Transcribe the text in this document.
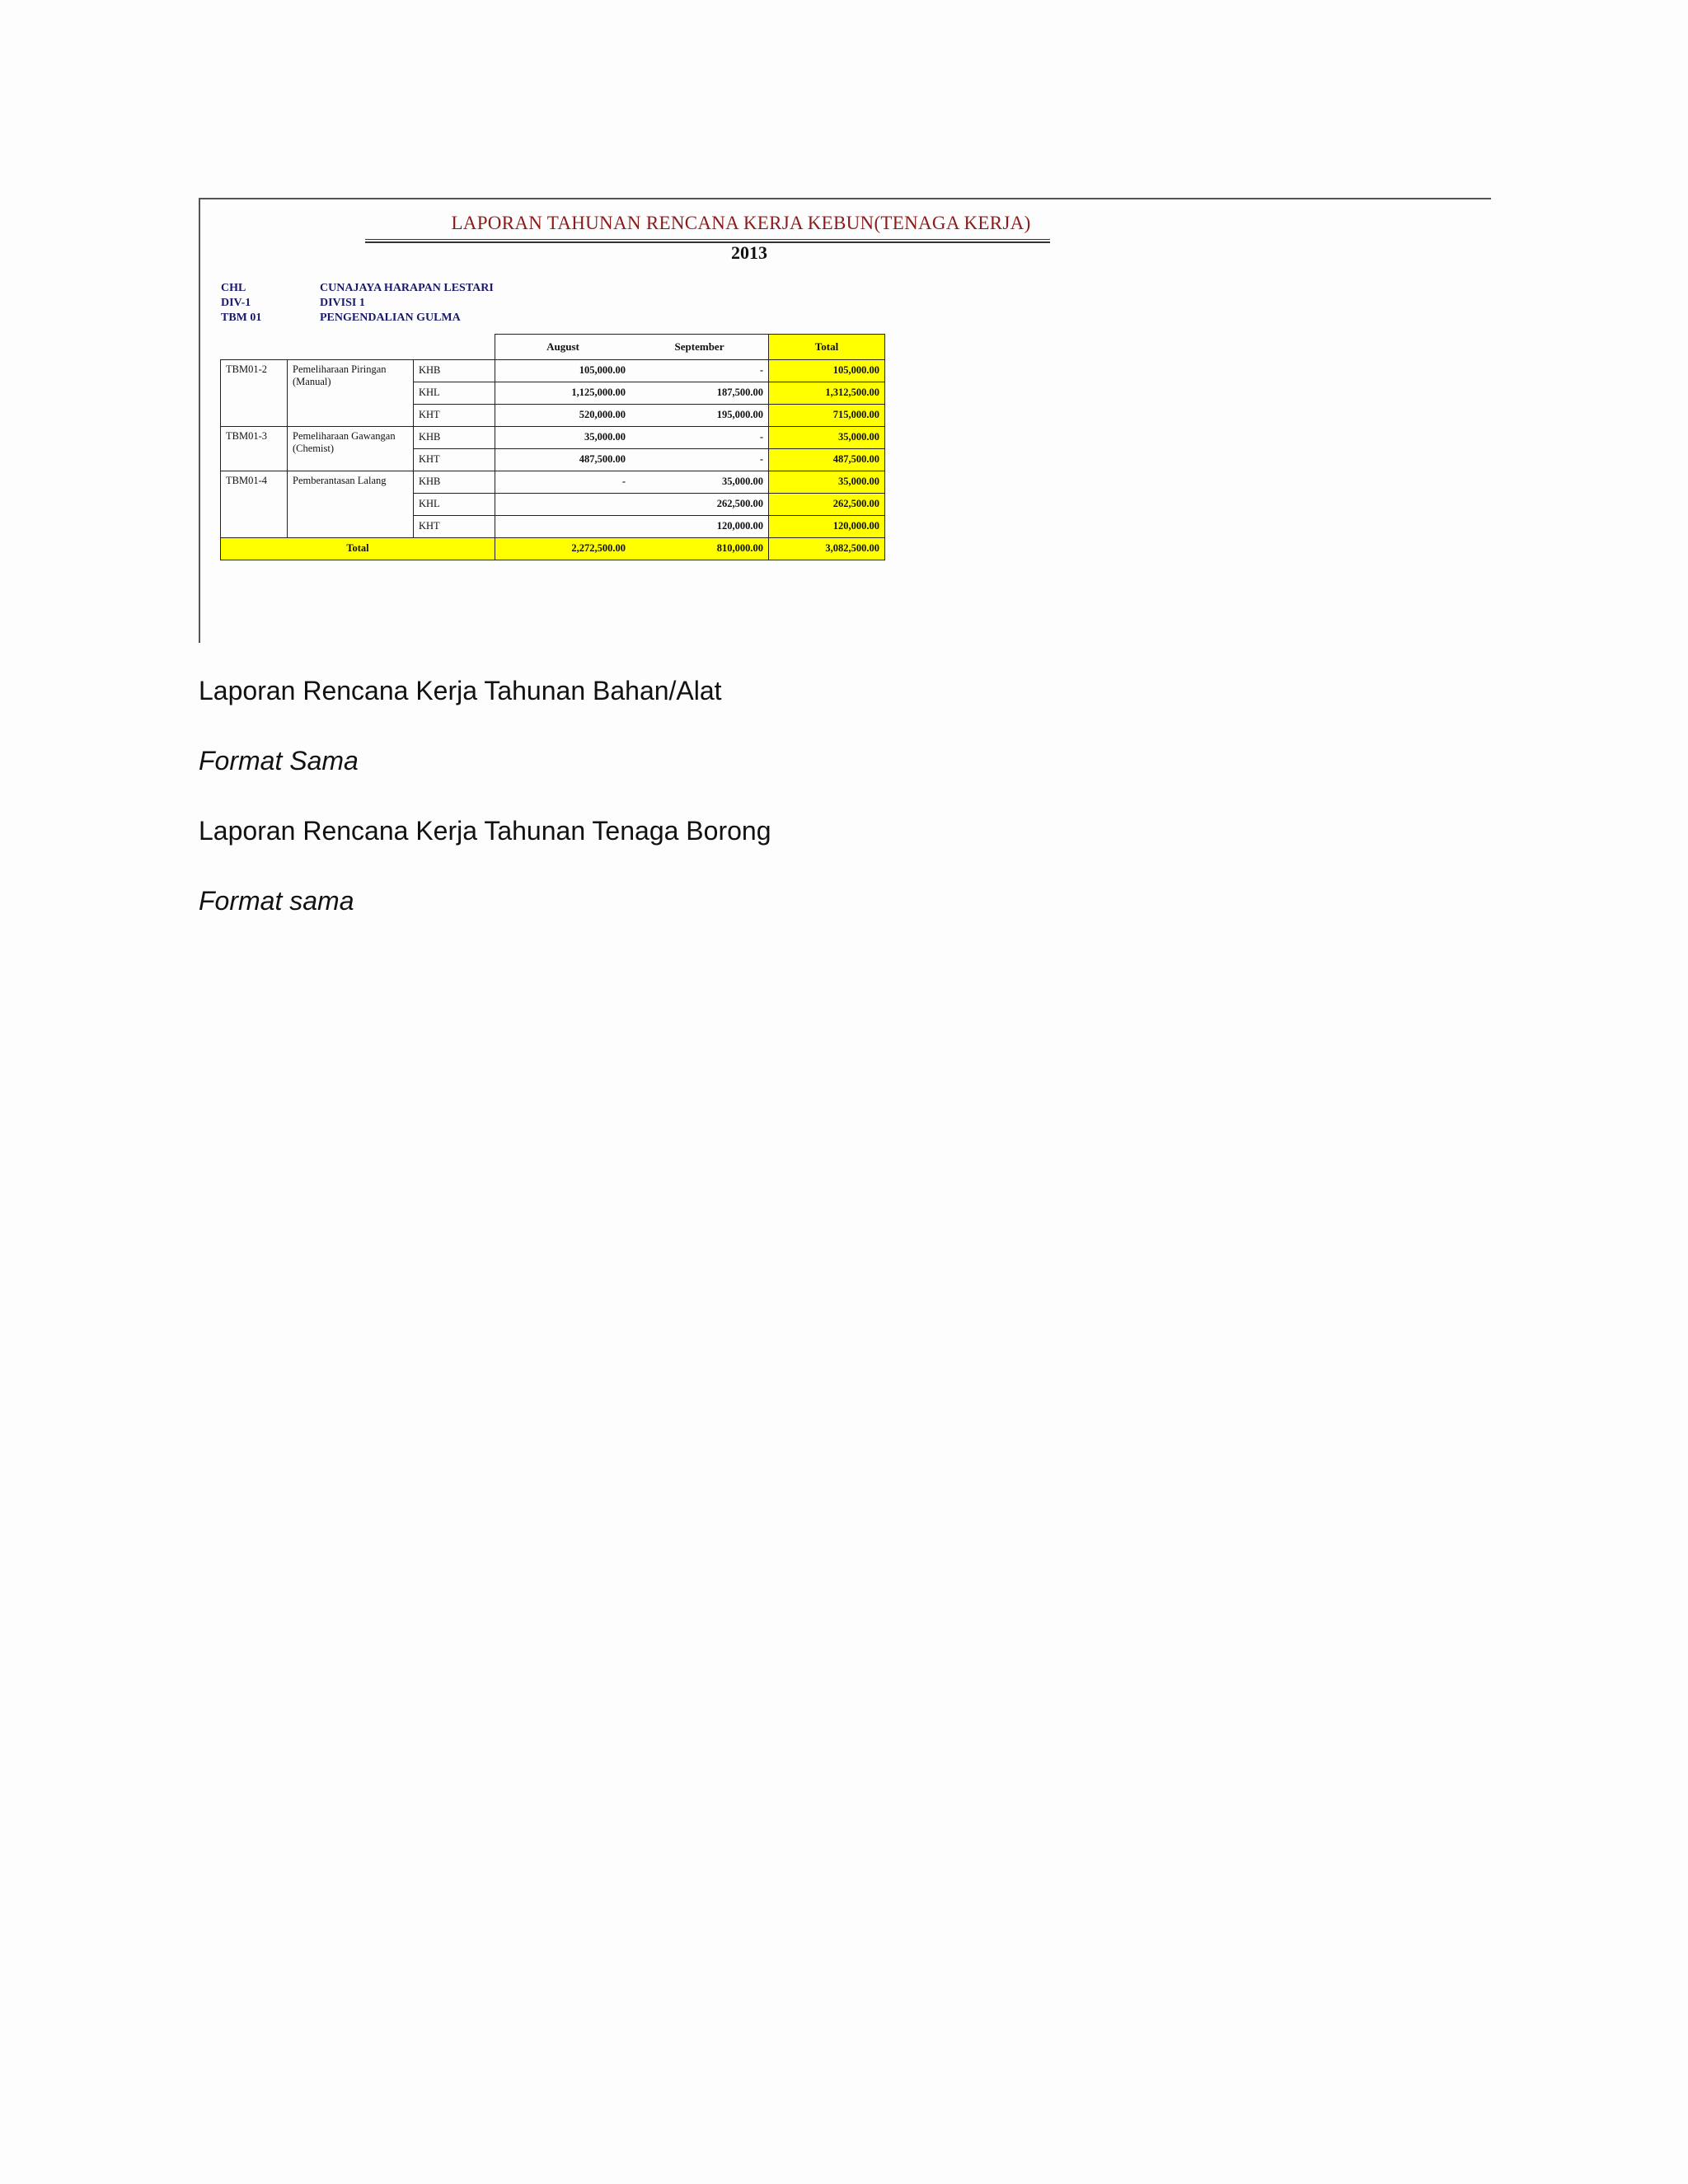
LAPORAN TAHUNAN RENCANA KERJA KEBUN(TENAGA KERJA)
2013
CHL	CUNAJAYA HARAPAN LESTARI
DIV-1	DIVISI 1
TBM 01	PENGENDALIAN GULMA
			August	September	Total
TBM01-2	Pemeliharaan Piringan (Manual)	KHB	105,000.00	-	105,000.00
		KHL	1,125,000.00	187,500.00	1,312,500.00
		KHT	520,000.00	195,000.00	715,000.00
TBM01-3	Pemeliharaan Gawangan (Chemist)	KHB	35,000.00	-	35,000.00
		KHT	487,500.00	-	487,500.00
TBM01-4	Pemberantasan Lalang	KHB	-	35,000.00	35,000.00
		KHL		262,500.00	262,500.00
		KHT		120,000.00	120,000.00
Total			2,272,500.00	810,000.00	3,082,500.00
Laporan Rencana Kerja Tahunan Bahan/Alat
Format Sama
Laporan Rencana Kerja Tahunan Tenaga Borong
Format sama
